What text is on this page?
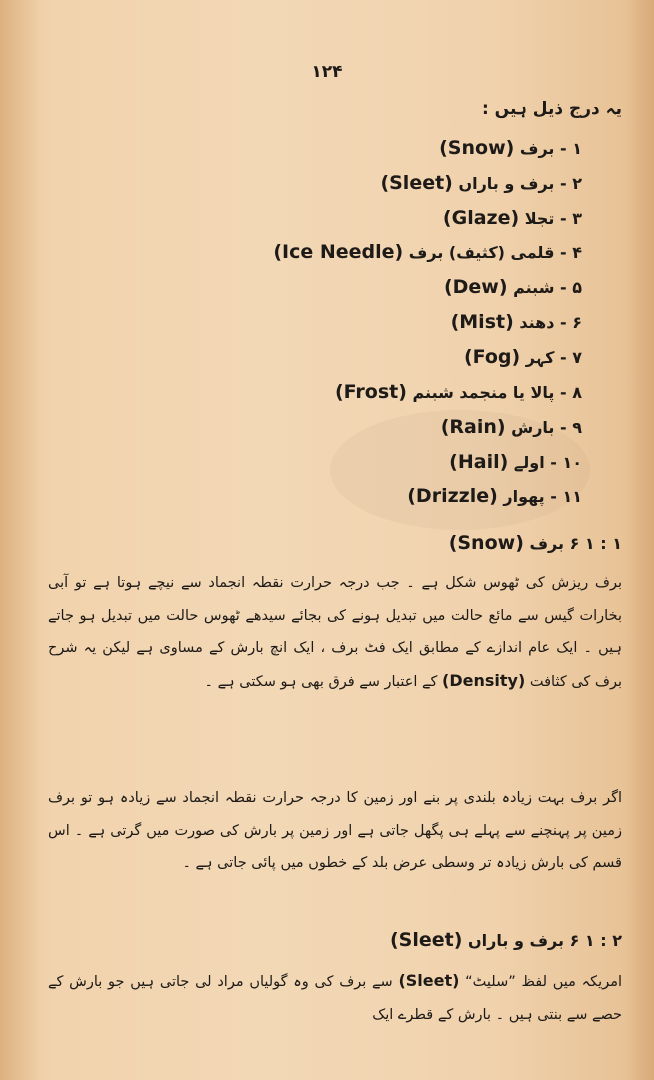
۱۲۴
یہ درج ذیل ہیں :
۱ - برف (Snow)
۲ - برف و باراں (Sleet)
۳ - تجلا (Glaze)
۴ - قلمی (کثیف) برف (Ice Needle)
۵ - شبنم (Dew)
۶ - دھند (Mist)
۷ - کہر (Fog)
۸ - پالا یا منجمد شبنم (Frost)
۹ - بارش (Rain)
۱۰ - اولے (Hail)
۱۱ - پھوار (Drizzle)
۱ : ۱ ۶ برف (Snow)
برف ریزش کی ٹھوس شکل ہے ۔ جب درجہ حرارت نقطہ انجماد سے نیچے ہوتا ہے تو آبی بخارات گیس سے مائع حالت میں تبدیل ہونے کی بجائے سیدھے ٹھوس حالت میں تبدیل ہو جاتے ہیں ۔ ایک عام اندازے کے مطابق ایک فٹ برف ، ایک انچ بارش کے مساوی ہے لیکن یہ شرح برف کی کثافت (Density) کے اعتبار سے فرق بھی ہو سکتی ہے ۔
اگر برف بہت زیادہ بلندی پر بنے اور زمین کا درجہ حرارت نقطہ انجماد سے زیادہ ہو تو برف زمین پر پہنچنے سے پہلے ہی پگھل جاتی ہے اور زمین پر بارش کی صورت میں گرتی ہے ۔ اس قسم کی بارش زیادہ تر وسطی عرض بلد کے خطوں میں پائی جاتی ہے ۔
۲ : ۱ ۶ برف و باراں (Sleet)
امریکہ میں لفظ ”سلیٹ“ (Sleet) سے برف کی وہ گولیاں مراد لی جاتی ہیں جو بارش کے حصے سے بنتی ہیں ۔ بارش کے قطرے ایک
